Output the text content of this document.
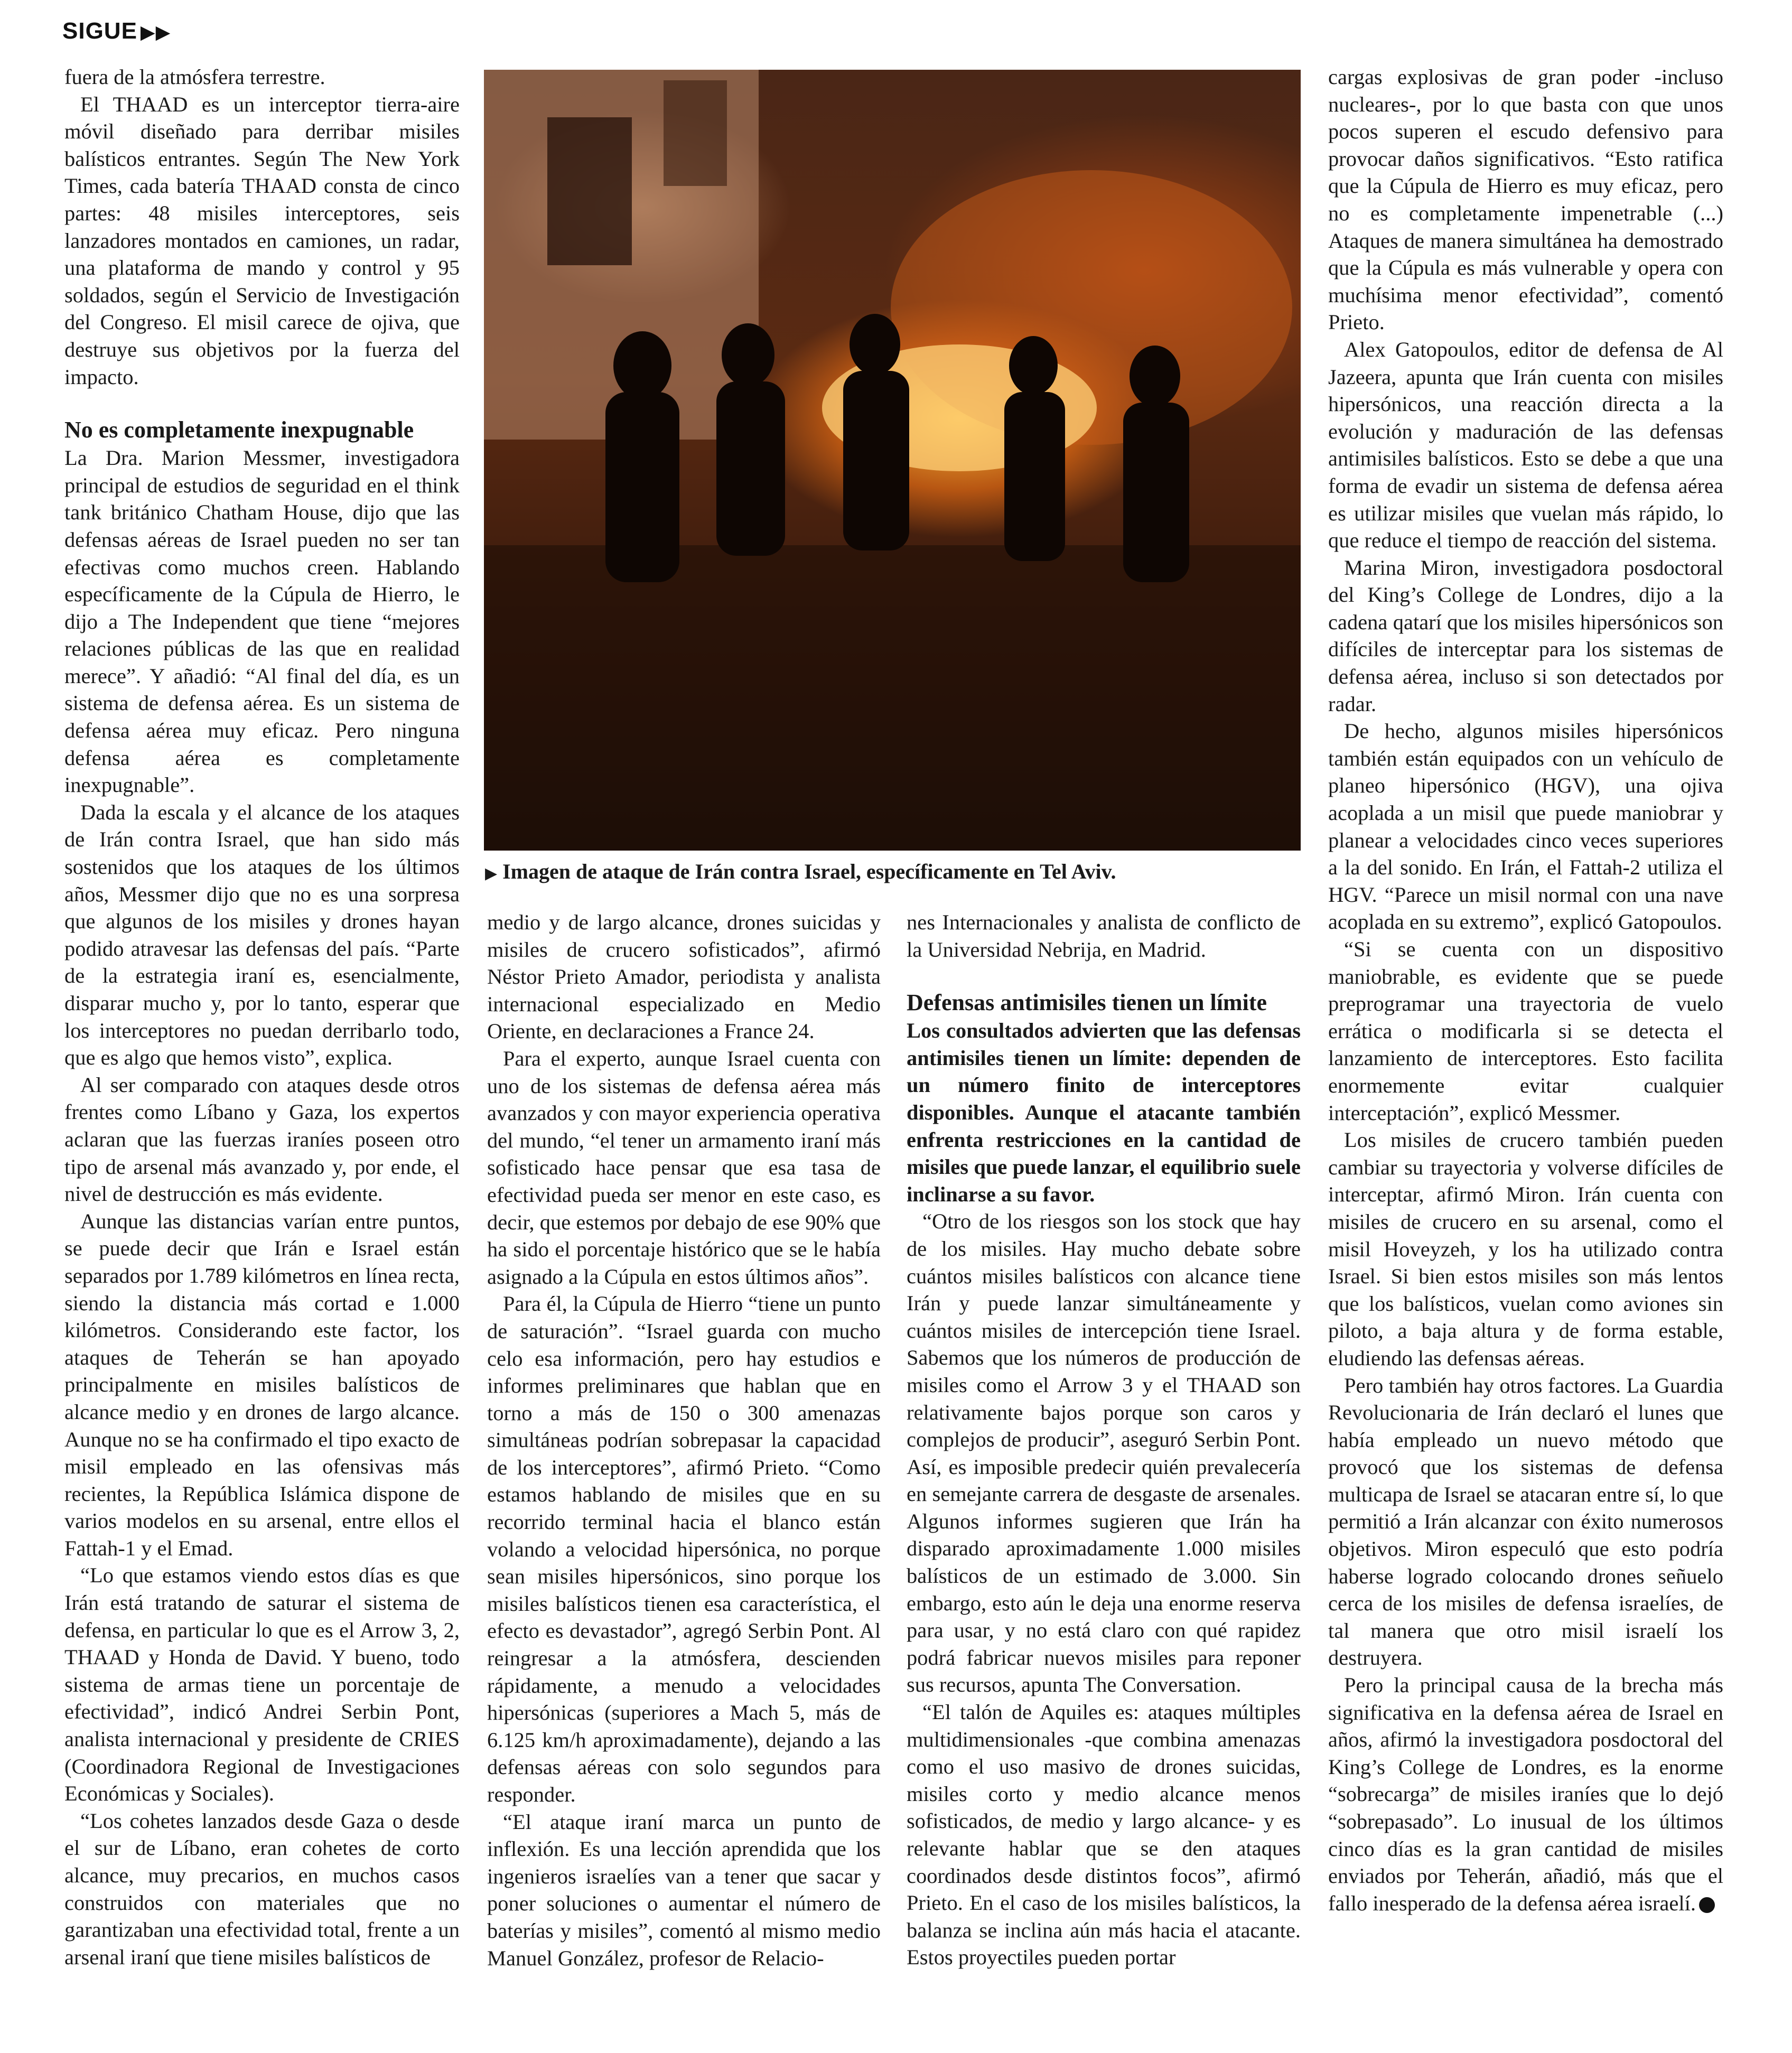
SIGUE ▶▶

fuera de la atmósfera terrestre.

El THAAD es un interceptor tierra-aire móvil diseñado para derribar misiles balísticos entrantes. Según The New York Times, cada batería THAAD consta de cinco partes: 48 misiles interceptores, seis lanzadores montados en camiones, un radar, una plataforma de mando y control y 95 soldados, según el Servicio de Investigación del Congreso. El misil carece de ojiva, que destruye sus objetivos por la fuerza del impacto.

No es completamente inexpugnable

La Dra. Marion Messmer, investigadora principal de estudios de seguridad en el think tank británico Chatham House, dijo que las defensas aéreas de Israel pueden no ser tan efectivas como muchos creen. Hablando específicamente de la Cúpula de Hierro, le dijo a The Independent que tiene “mejores relaciones públicas de las que en realidad merece”. Y añadió: “Al final del día, es un sistema de defensa aérea. Es un sistema de defensa aérea muy eficaz. Pero ninguna defensa aérea es completamente inexpugnable”.

Dada la escala y el alcance de los ataques de Irán contra Israel, que han sido más sostenidos que los ataques de los últimos años, Messmer dijo que no es una sorpresa que algunos de los misiles y drones hayan podido atravesar las defensas del país. “Parte de la estrategia iraní es, esencialmente, disparar mucho y, por lo tanto, esperar que los interceptores no puedan derribarlo todo, que es algo que hemos visto”, explica.

Al ser comparado con ataques desde otros frentes como Líbano y Gaza, los expertos aclaran que las fuerzas iraníes poseen otro tipo de arsenal más avanzado y, por ende, el nivel de destrucción es más evidente.

Aunque las distancias varían entre puntos, se puede decir que Irán e Israel están separados por 1.789 kilómetros en línea recta, siendo la distancia más cortad e 1.000 kilómetros. Considerando este factor, los ataques de Teherán se han apoyado principalmente en misiles balísticos de alcance medio y en drones de largo alcance. Aunque no se ha confirmado el tipo exacto de misil empleado en las ofensivas más recientes, la República Islámica dispone de varios modelos en su arsenal, entre ellos el Fattah-1 y el Emad.

“Lo que estamos viendo estos días es que Irán está tratando de saturar el sistema de defensa, en particular lo que es el Arrow 3, 2, THAAD y Honda de David. Y bueno, todo sistema de armas tiene un porcentaje de efectividad”, indicó Andrei Serbin Pont, analista internacional y presidente de CRIES (Coordinadora Regional de Investigaciones Económicas y Sociales).

“Los cohetes lanzados desde Gaza o desde el sur de Líbano, eran cohetes de corto alcance, muy precarios, en muchos casos construidos con materiales que no garantizaban una efectividad total, frente a un arsenal iraní que tiene misiles balísticos de

▶ Imagen de ataque de Irán contra Israel, específicamente en Tel Aviv.

medio y de largo alcance, drones suicidas y misiles de crucero sofisticados”, afirmó Néstor Prieto Amador, periodista y analista internacional especializado en Medio Oriente, en declaraciones a France 24.

Para el experto, aunque Israel cuenta con uno de los sistemas de defensa aérea más avanzados y con mayor experiencia operativa del mundo, “el tener un armamento iraní más sofisticado hace pensar que esa tasa de efectividad pueda ser menor en este caso, es decir, que estemos por debajo de ese 90% que ha sido el porcentaje histórico que se le había asignado a la Cúpula en estos últimos años”.

Para él, la Cúpula de Hierro “tiene un punto de saturación”. “Israel guarda con mucho celo esa información, pero hay estudios e informes preliminares que hablan que en torno a más de 150 o 300 amenazas simultáneas podrían sobrepasar la capacidad de los interceptores”, afirmó Prieto. “Como estamos hablando de misiles que en su recorrido terminal hacia el blanco están volando a velocidad hipersónica, no porque sean misiles hipersónicos, sino porque los misiles balísticos tienen esa característica, el efecto es devastador”, agregó Serbin Pont. Al reingresar a la atmósfera, descienden rápidamente, a menudo a velocidades hipersónicas (superiores a Mach 5, más de 6.125 km/h aproximadamente), dejando a las defensas aéreas con solo segundos para responder.

“El ataque iraní marca un punto de inflexión. Es una lección aprendida que los ingenieros israelíes van a tener que sacar y poner soluciones o aumentar el número de baterías y misiles”, comentó al mismo medio Manuel González, profesor de Relacio-

nes Internacionales y analista de conflicto de la Universidad Nebrija, en Madrid.

Defensas antimisiles tienen un límite

Los consultados advierten que las defensas antimisiles tienen un límite: dependen de un número finito de interceptores disponibles. Aunque el atacante también enfrenta restricciones en la cantidad de misiles que puede lanzar, el equilibrio suele inclinarse a su favor.

“Otro de los riesgos son los stock que hay de los misiles. Hay mucho debate sobre cuántos misiles balísticos con alcance tiene Irán y puede lanzar simultáneamente y cuántos misiles de intercepción tiene Israel. Sabemos que los números de producción de misiles como el Arrow 3 y el THAAD son relativamente bajos porque son caros y complejos de producir”, aseguró Serbin Pont. Así, es imposible predecir quién prevalecería en semejante carrera de desgaste de arsenales. Algunos informes sugieren que Irán ha disparado aproximadamente 1.000 misiles balísticos de un estimado de 3.000. Sin embargo, esto aún le deja una enorme reserva para usar, y no está claro con qué rapidez podrá fabricar nuevos misiles para reponer sus recursos, apunta The Conversation.

“El talón de Aquiles es: ataques múltiples multidimensionales -que combina amenazas como el uso masivo de drones suicidas, misiles corto y medio alcance menos sofisticados, de medio y largo alcance- y es relevante hablar que se den ataques coordinados desde distintos focos”, afirmó Prieto. En el caso de los misiles balísticos, la balanza se inclina aún más hacia el atacante. Estos proyectiles pueden portar

cargas explosivas de gran poder -incluso nucleares-, por lo que basta con que unos pocos superen el escudo defensivo para provocar daños significativos. “Esto ratifica que la Cúpula de Hierro es muy eficaz, pero no es completamente impenetrable (...) Ataques de manera simultánea ha demostrado que la Cúpula es más vulnerable y opera con muchísima menor efectividad”, comentó Prieto.

Alex Gatopoulos, editor de defensa de Al Jazeera, apunta que Irán cuenta con misiles hipersónicos, una reacción directa a la evolución y maduración de las defensas antimisiles balísticos. Esto se debe a que una forma de evadir un sistema de defensa aérea es utilizar misiles que vuelan más rápido, lo que reduce el tiempo de reacción del sistema.

Marina Miron, investigadora posdoctoral del King’s College de Londres, dijo a la cadena qatarí que los misiles hipersónicos son difíciles de interceptar para los sistemas de defensa aérea, incluso si son detectados por radar.

De hecho, algunos misiles hipersónicos también están equipados con un vehículo de planeo hipersónico (HGV), una ojiva acoplada a un misil que puede maniobrar y planear a velocidades cinco veces superiores a la del sonido. En Irán, el Fattah-2 utiliza el HGV. “Parece un misil normal con una nave acoplada en su extremo”, explicó Gatopoulos.

“Si se cuenta con un dispositivo maniobrable, es evidente que se puede preprogramar una trayectoria de vuelo errática o modificarla si se detecta el lanzamiento de interceptores. Esto facilita enormemente evitar cualquier interceptación”, explicó Messmer.

Los misiles de crucero también pueden cambiar su trayectoria y volverse difíciles de interceptar, afirmó Miron. Irán cuenta con misiles de crucero en su arsenal, como el misil Hoveyzeh, y los ha utilizado contra Israel. Si bien estos misiles son más lentos que los balísticos, vuelan como aviones sin piloto, a baja altura y de forma estable, eludiendo las defensas aéreas.

Pero también hay otros factores. La Guardia Revolucionaria de Irán declaró el lunes que había empleado un nuevo método que provocó que los sistemas de defensa multicapa de Israel se atacaran entre sí, lo que permitió a Irán alcanzar con éxito numerosos objetivos. Miron especuló que esto podría haberse logrado colocando drones señuelo cerca de los misiles de defensa israelíes, de tal manera que otro misil israelí los destruyera.

Pero la principal causa de la brecha más significativa en la defensa aérea de Israel en años, afirmó la investigadora posdoctoral del King’s College de Londres, es la enorme “sobrecarga” de misiles iraníes que lo dejó “sobrepasado”. Lo inusual de los últimos cinco días es la gran cantidad de misiles enviados por Teherán, añadió, más que el fallo inesperado de la defensa aérea israelí.
